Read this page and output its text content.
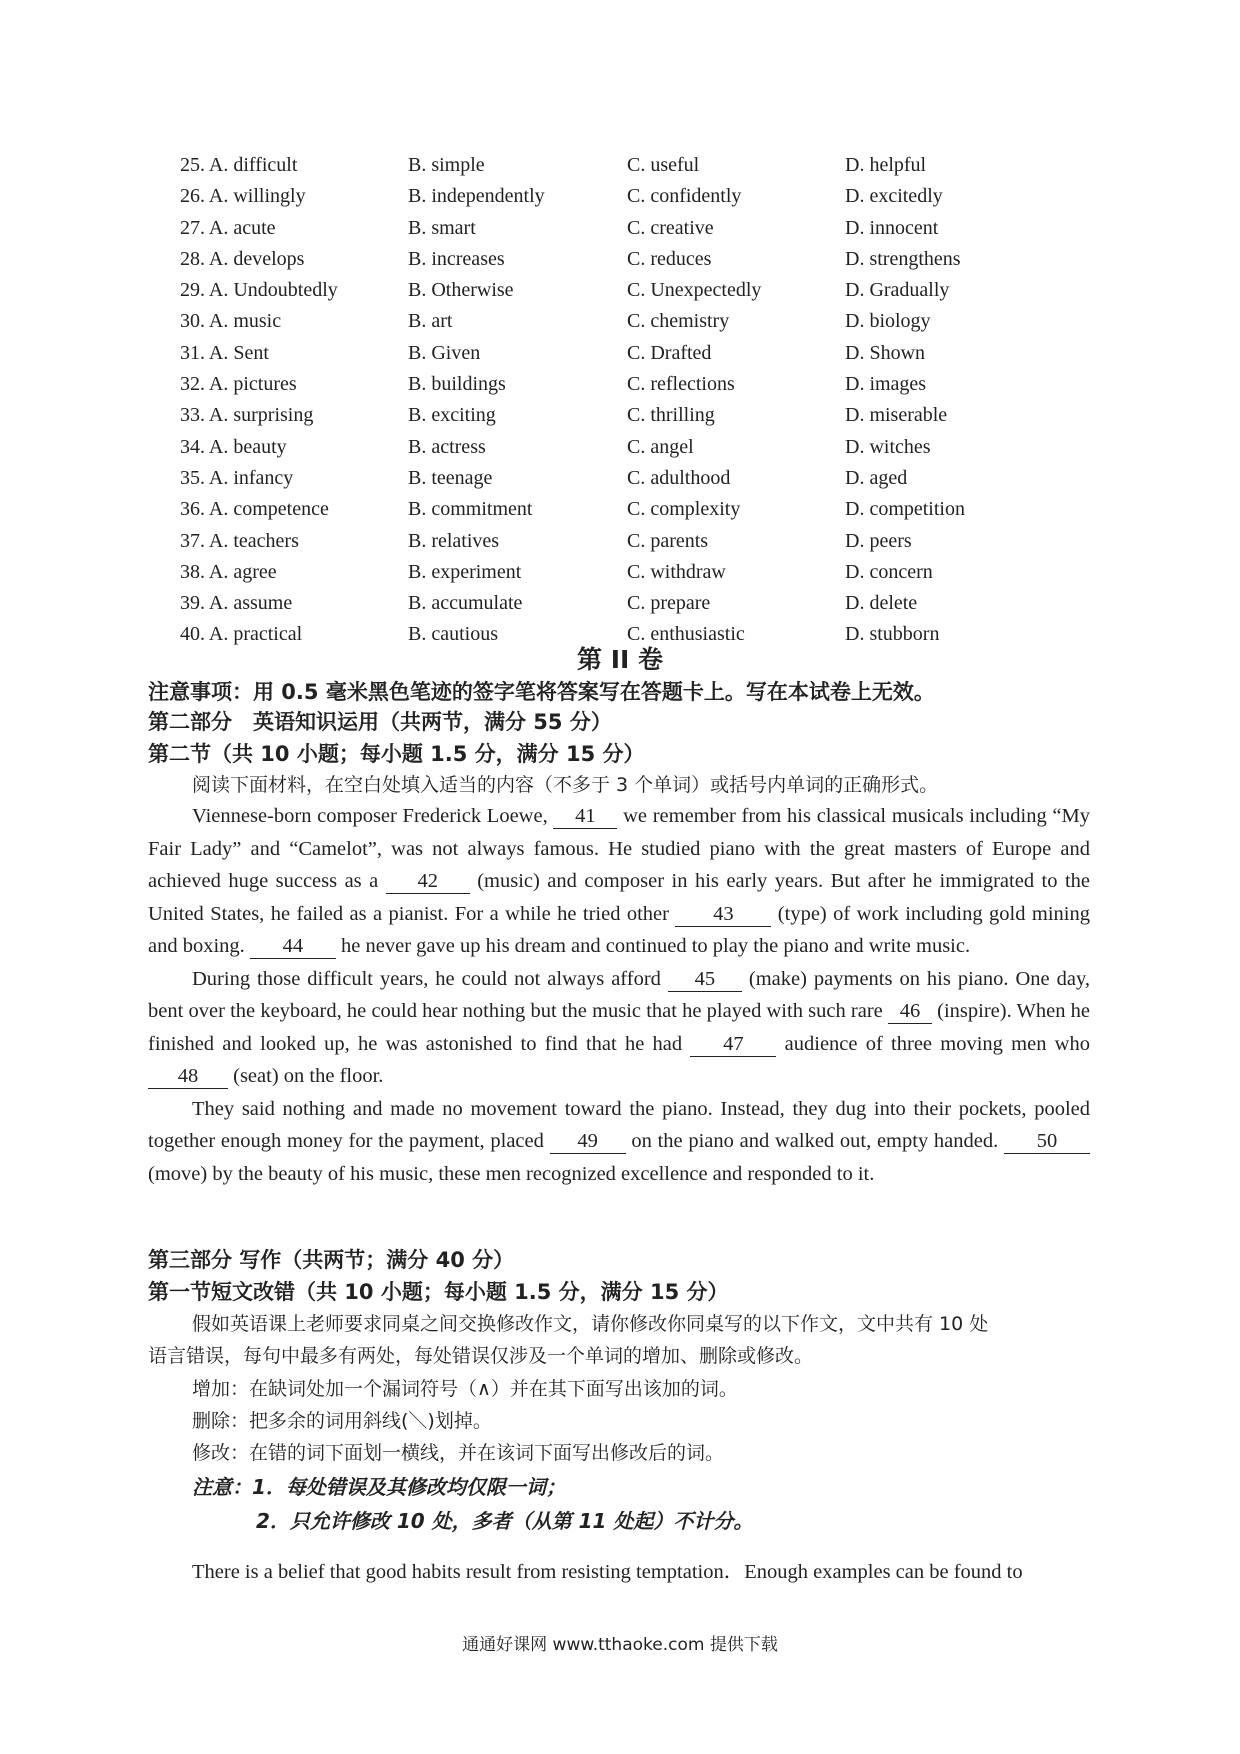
25. A. difficult	B. simple	C. useful	D. helpful
26. A. willingly	B. independently	C. confidently	D. excitedly
27. A. acute	B. smart	C. creative	D. innocent
28. A. develops	B. increases	C. reduces	D. strengthens
29. A. Undoubtedly	B. Otherwise	C. Unexpectedly	D. Gradually
30. A. music	B. art	C. chemistry	D. biology
31. A. Sent	B. Given	C. Drafted	D. Shown
32. A. pictures	B. buildings	C. reflections	D. images
33. A. surprising	B. exciting	C. thrilling	D. miserable
34. A. beauty	B. actress	C. angel	D. witches
35. A. infancy	B. teenage	C. adulthood	D. aged
36. A. competence	B. commitment	C. complexity	D. competition
37. A. teachers	B. relatives	C. parents	D. peers
38. A. agree	B. experiment	C. withdraw	D. concern
39. A. assume	B. accumulate	C. prepare	D. delete
40. A. practical	B. cautious	C. enthusiastic	D. stubborn
第 II 卷
注意事项：用 0.5 毫米黑色笔迹的签字笔将答案写在答题卡上。写在本试卷上无效。
第二部分　英语知识运用（共两节，满分 55 分）
第二节（共 10 小题；每小题 1.5 分，满分 15 分）
阅读下面材料，在空白处填入适当的内容（不多于 3 个单词）或括号内单词的正确形式。

Viennese-born composer Frederick Loewe, 41 we remember from his classical musicals including “My Fair Lady” and “Camelot”, was not always famous. He studied piano with the great masters of Europe and achieved huge success as a 42 (music) and composer in his early years. But after he immigrated to the United States, he failed as a pianist. For a while he tried other 43 (type) of work including gold mining and boxing. 44 he never gave up his dream and continued to play the piano and write music.

During those difficult years, he could not always afford 45 (make) payments on his piano. One day, bent over the keyboard, he could hear nothing but the music that he played with such rare 46 (inspire). When he finished and looked up, he was astonished to find that he had 47 audience of three moving men who 48 (seat) on the floor.

They said nothing and made no movement toward the piano. Instead, they dug into their pockets, pooled together enough money for the payment, placed 49 on the piano and walked out, empty handed. 50 (move) by the beauty of his music, these men recognized excellence and responded to it.

第三部分 写作（共两节；满分 40 分）
第一节短文改错（共 10 小题；每小题 1.5 分，满分 15 分）
假如英语课上老师要求同桌之间交换修改作文，请你修改你同桌写的以下作文，文中共有 10 处
语言错误，每句中最多有两处，每处错误仅涉及一个单词的增加、删除或修改。
增加：在缺词处加一个漏词符号（∧）并在其下面写出该加的词。
删除：把多余的词用斜线(＼)划掉。
修改：在错的词下面划一横线，并在该词下面写出修改后的词。
注意：1．每处错误及其修改均仅限一词；
2．只允许修改 10 处，多者（从第 11 处起）不计分。

There is a belief that good habits result from resisting temptation．Enough examples can be found to

通通好课网 www.tthaoke.com 提供下载
